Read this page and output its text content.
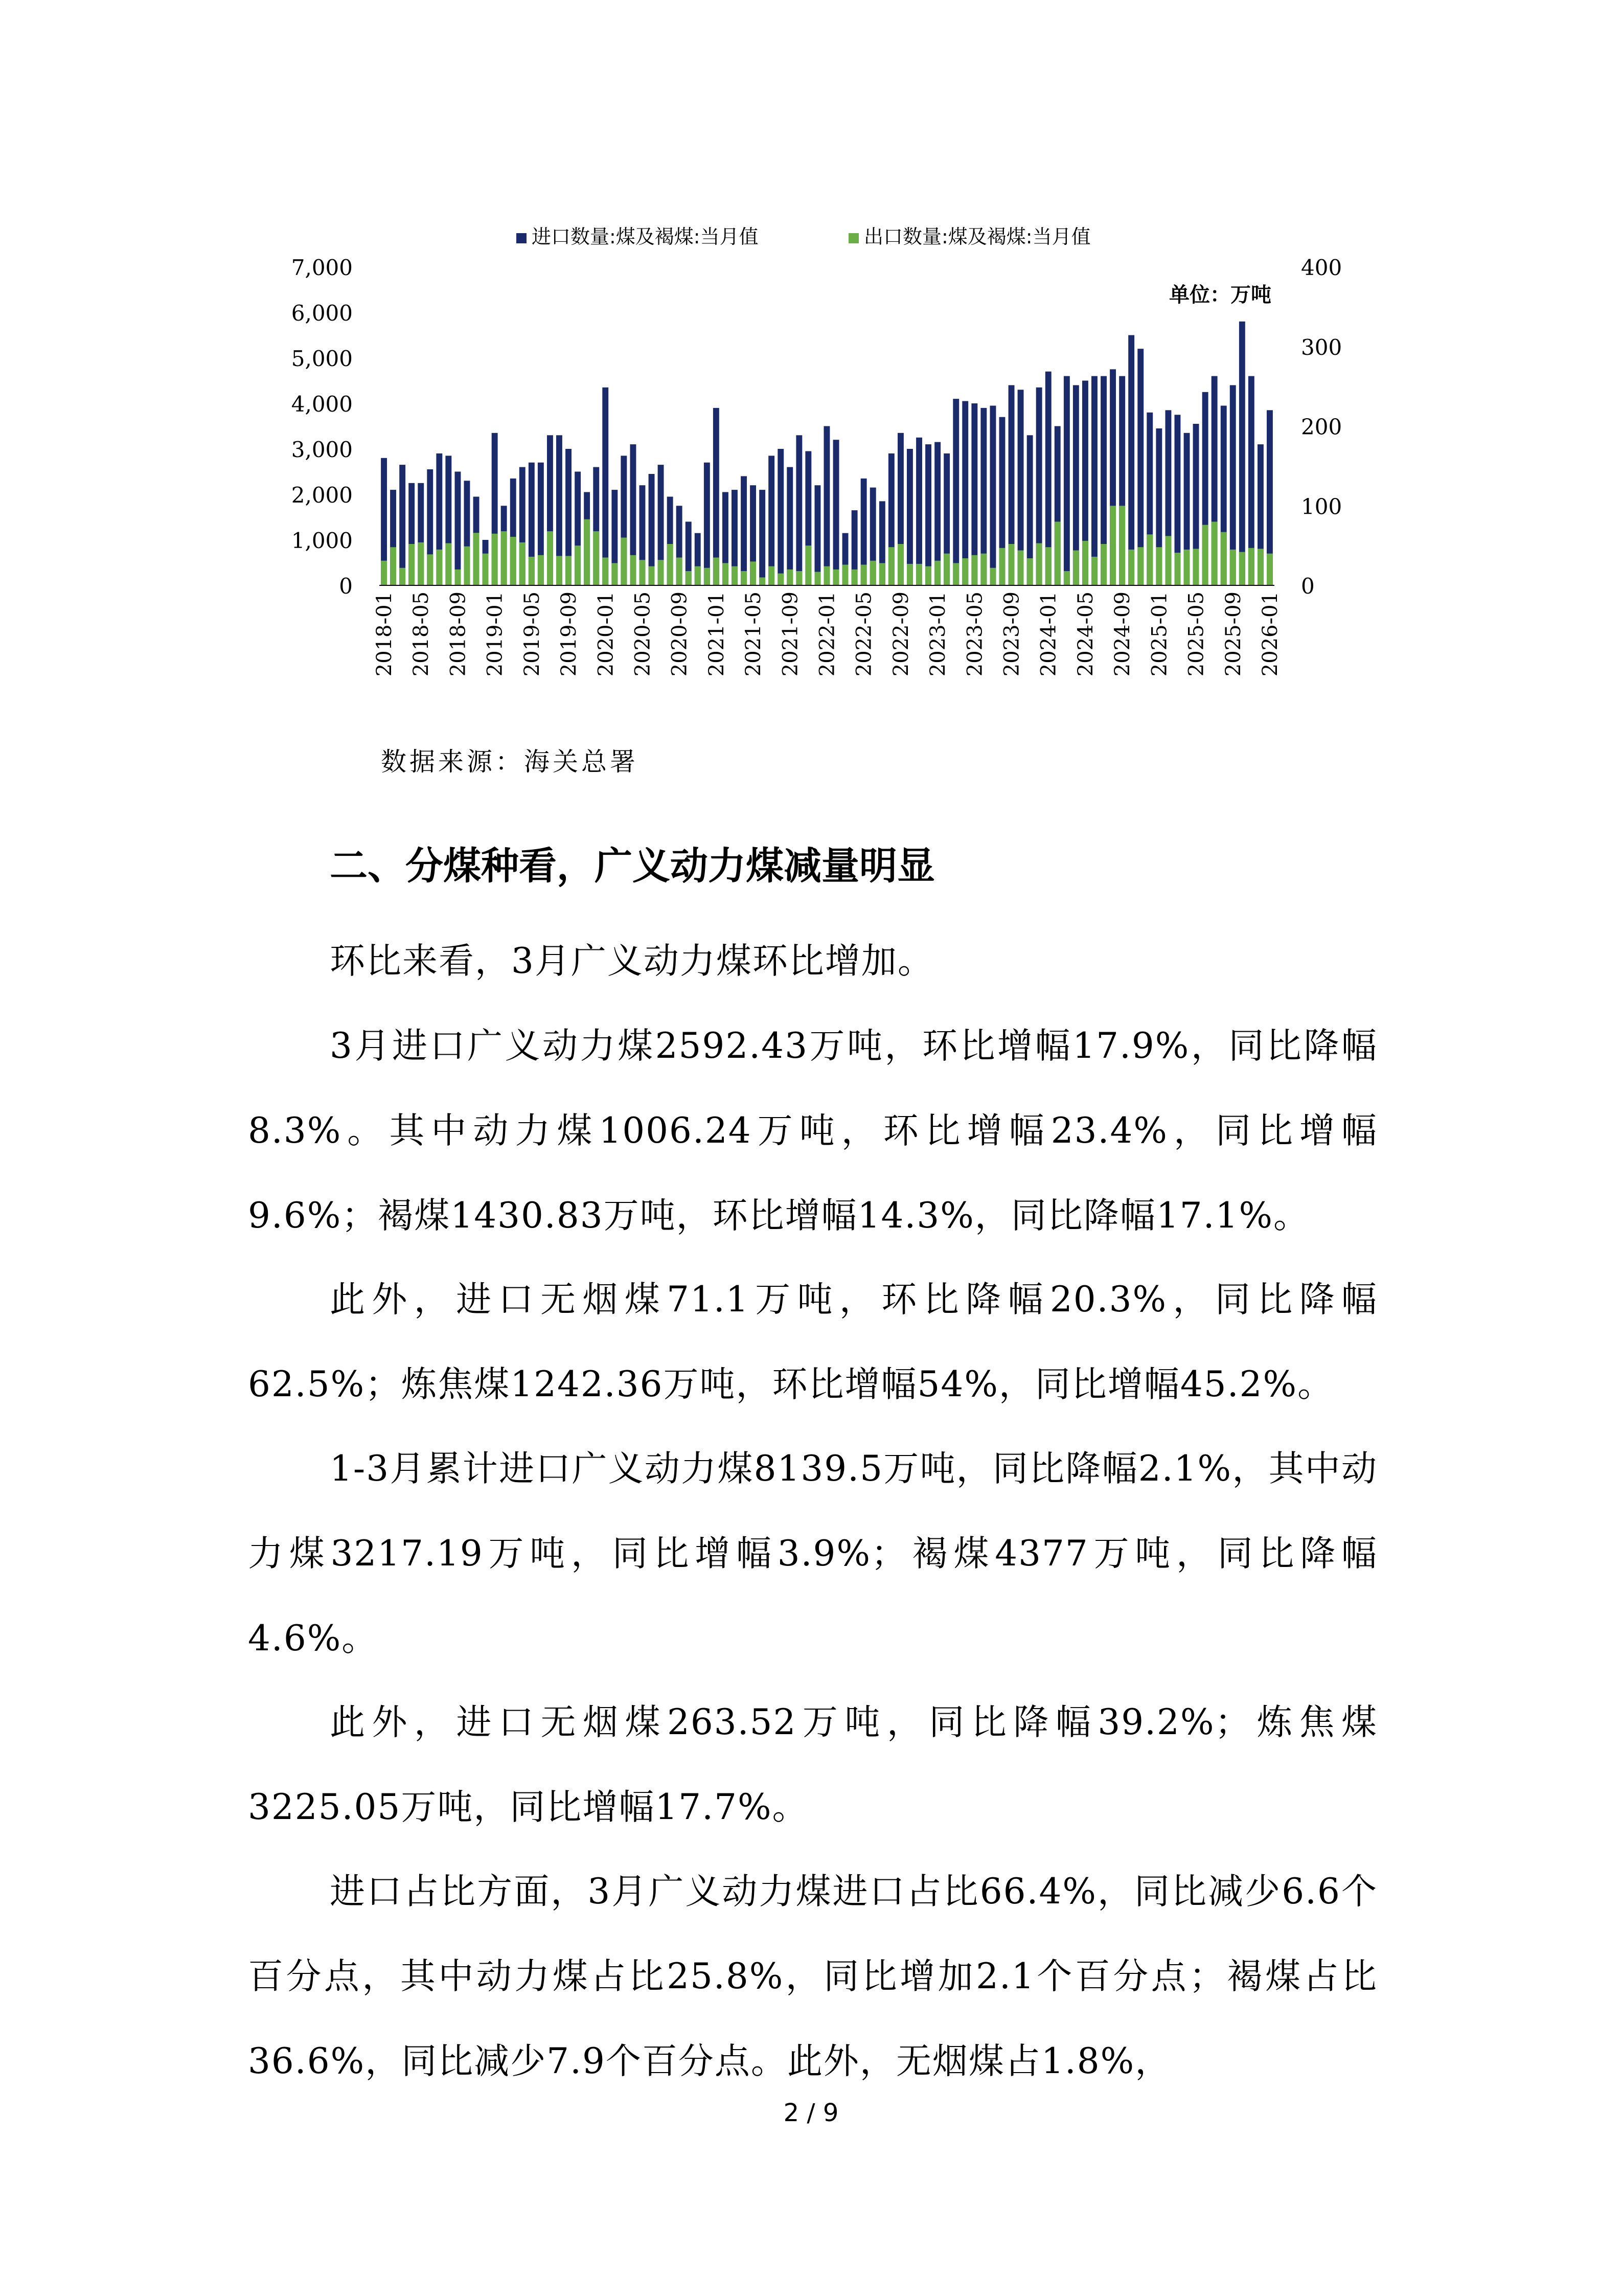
0
1,000
2,000
3,000
4,000
5,000
6,000
7,000
0
100
200
300
400
2018-01 2018-05 2018-09 2019-01 2019-05 2019-09 2020-01 2020-05 2020-09 2021-01 2021-05 2021-09 2022-01 2022-05 2022-09 2023-01 2023-05 2023-09 2024-01 2024-05 2024-09 2025-01 2025-05 2025-09 2026-01
进口数量:煤及褐煤:当月值	出口数量:煤及褐煤:当月值
单位：万吨
数据来源：海关总署
二、分煤种看，广义动力煤减量明显

环比来看，3月广义动力煤环比增加。

3月进口广义动力煤2592.43万吨，环比增幅17.9%，同比降幅8.3%。其中动力煤1006.24万吨，环比增幅23.4%，同比增幅9.6%；褐煤1430.83万吨，环比增幅14.3%，同比降幅17.1%。

此外，进口无烟煤71.1万吨，环比降幅20.3%，同比降幅62.5%；炼焦煤1242.36万吨，环比增幅54%，同比增幅45.2%。

1-3月累计进口广义动力煤8139.5万吨，同比降幅2.1%，其中动力煤3217.19万吨，同比增幅3.9%；褐煤4377万吨，同比降幅4.6%。

此外，进口无烟煤263.52万吨，同比降幅39.2%；炼焦煤3225.05万吨，同比增幅17.7%。

进口占比方面，3月广义动力煤进口占比66.4%，同比减少6.6个百分点，其中动力煤占比25.8%，同比增加2.1个百分点；褐煤占比36.6%，同比减少7.9个百分点。此外，无烟煤占1.8%，

2 / 9
